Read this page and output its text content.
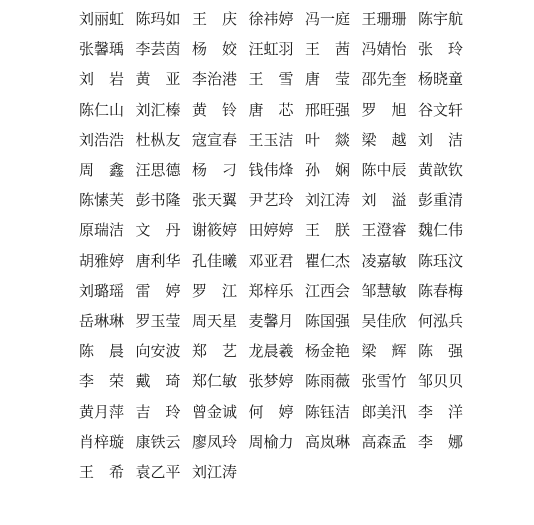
刘丽虹 陈玛如 王　庆 徐祎婷 冯一庭 王珊珊 陈宇航
张馨瑀 李芸茵 杨　姣 汪虹羽 王　茜 冯婧怡 张　玲
刘　岩 黄　亚 李治港 王　雪 唐　莹 邵先奎 杨晓童
陈仁山 刘汇榛 黄　铃 唐　芯 邢旺强 罗　旭 谷文轩
刘浩浩 杜枞友 寇宣春 王玉洁 叶　燚 梁　越 刘　洁
周　鑫 汪思德 杨　刁 钱伟烽 孙　娴 陈中辰 黄歆钦
陈愫芙 彭书隆 张天翼 尹艺玲 刘江涛 刘　溢 彭重清
原瑞洁 文　丹 谢筱婷 田婷婷 王　朕 王澄睿 魏仁伟
胡雅婷 唐利华 孔佳曦 邓亚君 瞿仁杰 凌嘉敏 陈珏汶
刘璐瑶 雷　婷 罗　江 郑梓乐 江西会 邹慧敏 陈春梅
岳琳琳 罗玉莹 周天星 麦馨月 陈国强 吴佳欣 何泓兵
陈　晨 向安波 郑　艺 龙晨羲 杨金艳 梁　辉 陈　强
李　荣 戴　琦 郑仁敏 张梦婷 陈雨薇 张雪竹 邹贝贝
黄月萍 吉　玲 曾金诚 何　婷 陈钰洁 郎美汛 李　洋
肖梓璇 康铁云 廖凤玲 周榆力 高岚琳 高森孟 李　娜
王　希 袁乙平 刘江涛
